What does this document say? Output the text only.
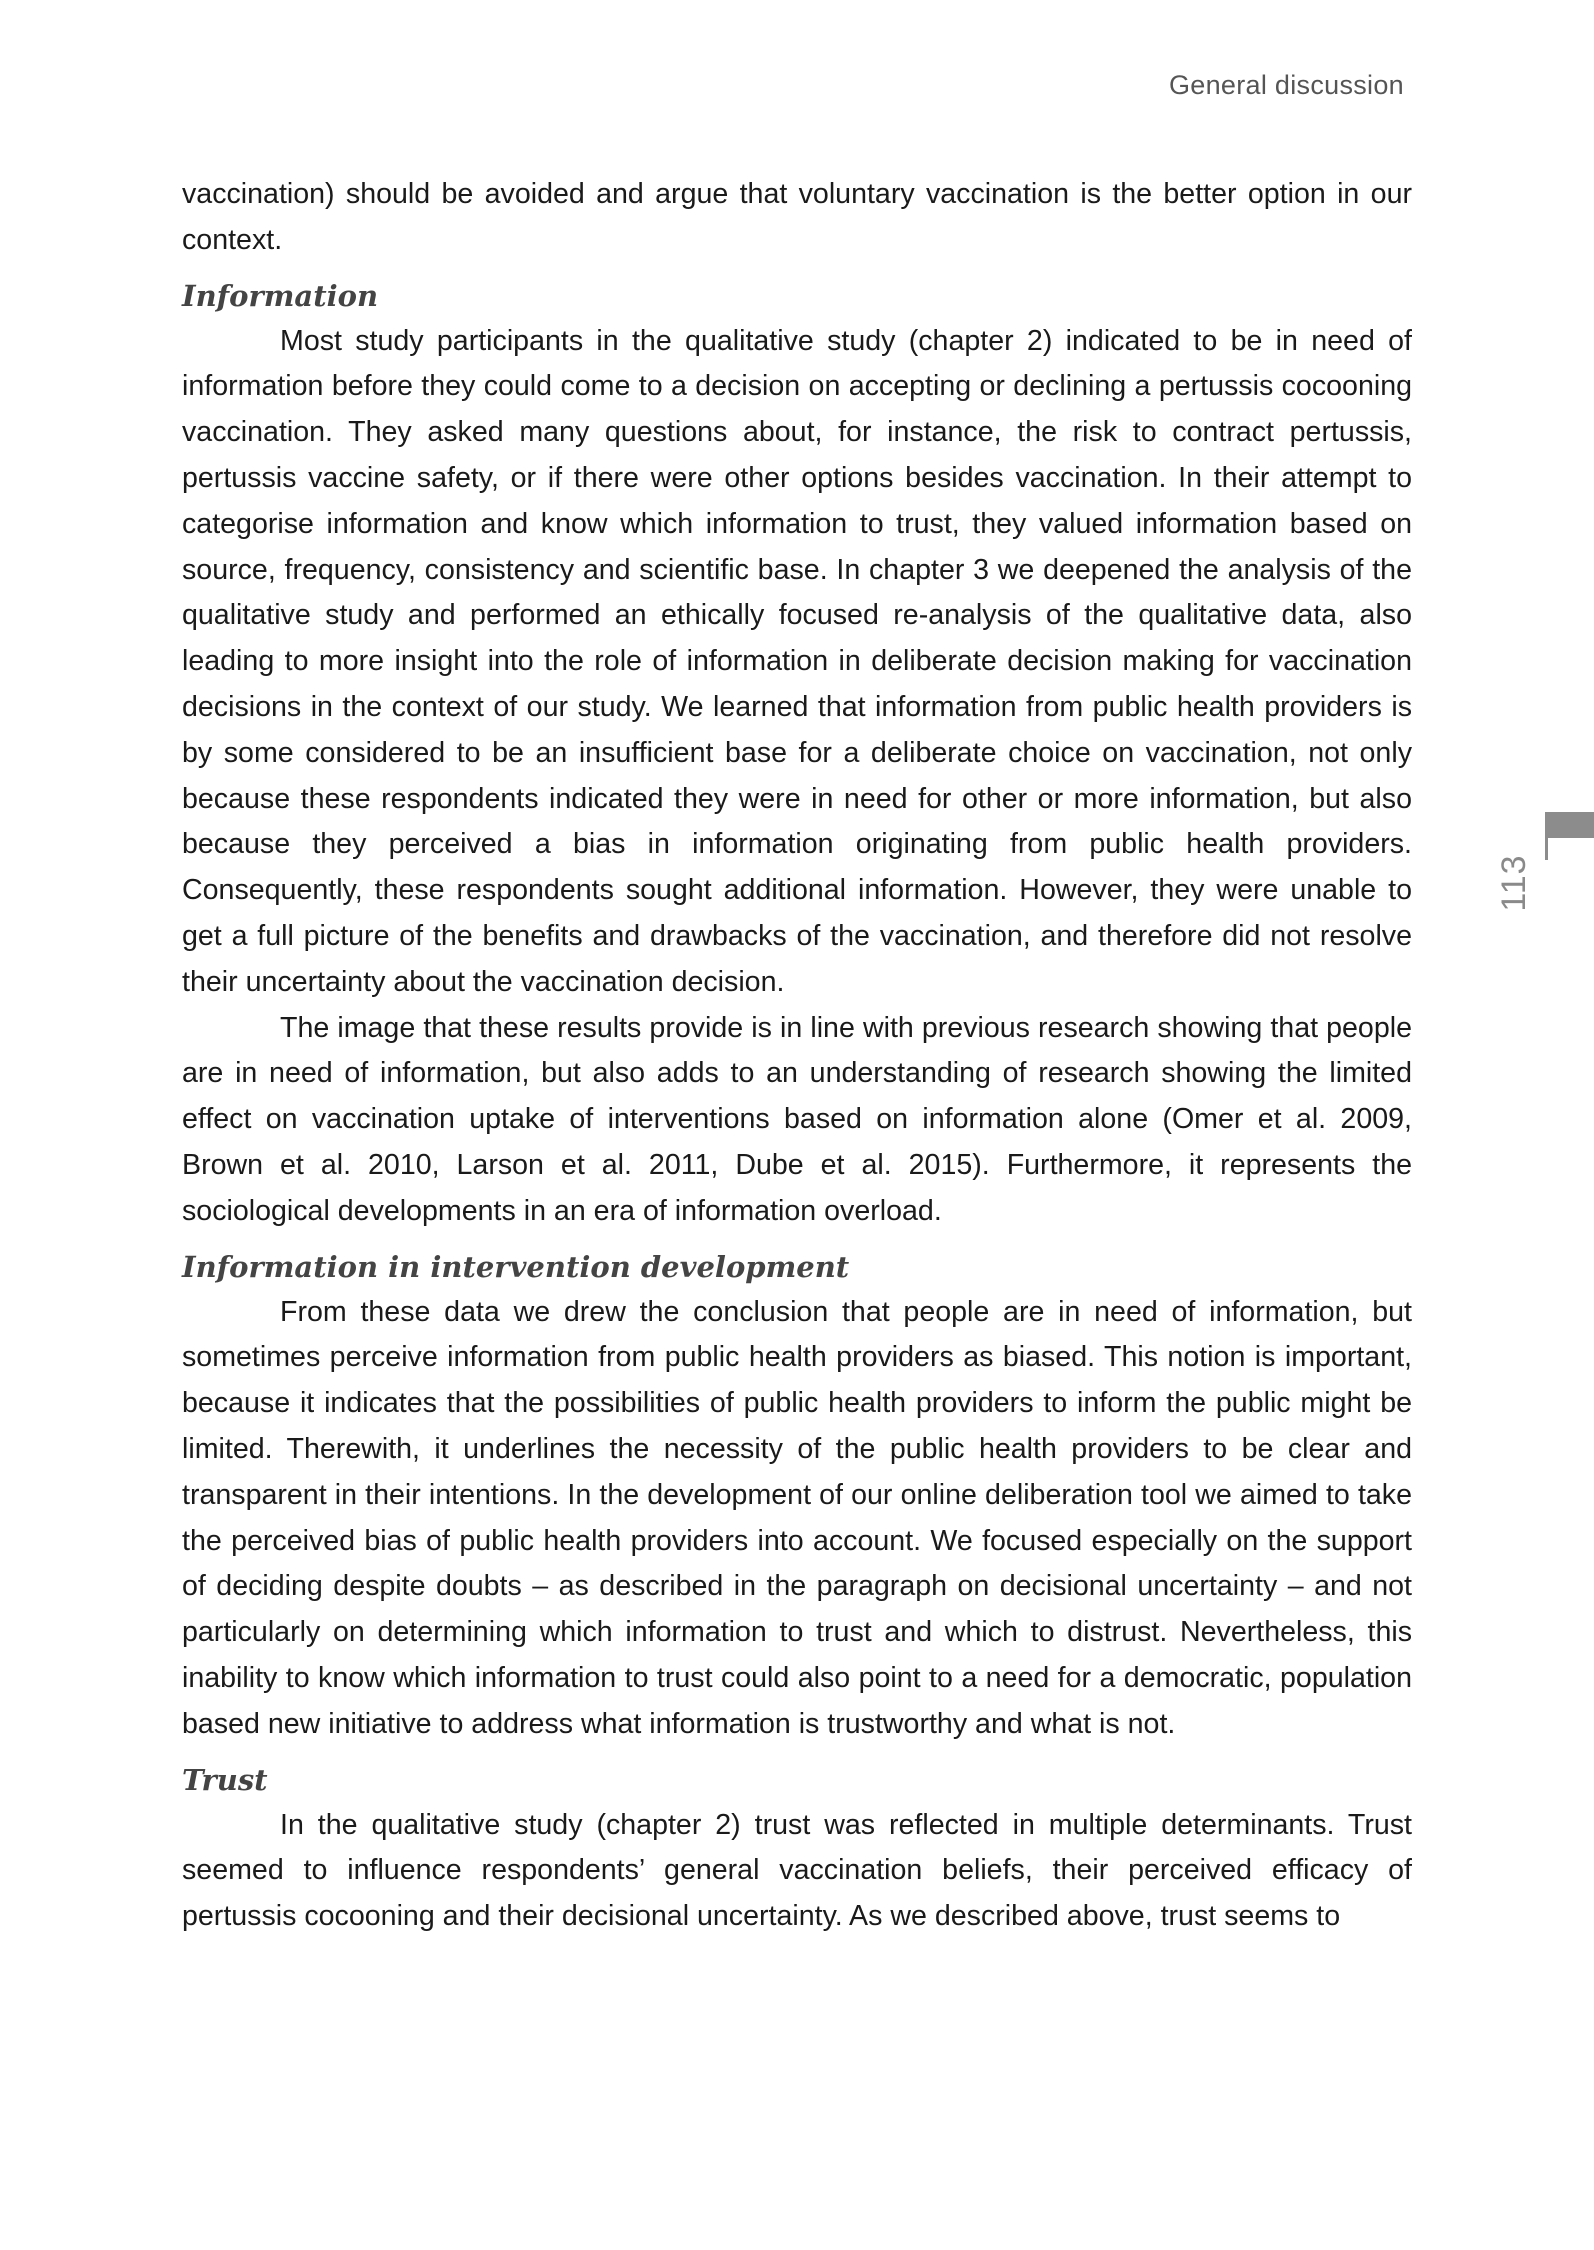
General discussion
113

vaccination) should be avoided and argue that voluntary vaccination is the better option in our context.

Information

Most study participants in the qualitative study (chapter 2) indicated to be in need of information before they could come to a decision on accepting or declining a pertussis cocooning vaccination. They asked many questions about, for instance, the risk to contract pertussis, pertussis vaccine safety, or if there were other options besides vaccination. In their attempt to categorise information and know which information to trust, they valued information based on source, frequency, consistency and scientific base. In chapter 3 we deepened the analysis of the qualitative study and performed an ethically focused re-analysis of the qualitative data, also leading to more insight into the role of information in deliberate decision making for vaccination decisions in the context of our study. We learned that information from public health providers is by some considered to be an insufficient base for a deliberate choice on vaccination, not only because these respondents indicated they were in need for other or more information, but also because they perceived a bias in information originating from public health providers. Consequently, these respondents sought additional information. However, they were unable to get a full picture of the benefits and drawbacks of the vaccination, and therefore did not resolve their uncertainty about the vaccination decision.

The image that these results provide is in line with previous research showing that people are in need of information, but also adds to an understanding of research showing the limited effect on vaccination uptake of interventions based on information alone (Omer et al. 2009, Brown et al. 2010, Larson et al. 2011, Dube et al. 2015). Furthermore, it represents the sociological developments in an era of information overload.

Information in intervention development

From these data we drew the conclusion that people are in need of information, but sometimes perceive information from public health providers as biased. This notion is important, because it indicates that the possibilities of public health providers to inform the public might be limited. Therewith, it underlines the necessity of the public health providers to be clear and transparent in their intentions. In the development of our online deliberation tool we aimed to take the perceived bias of public health providers into account. We focused especially on the support of deciding despite doubts – as described in the paragraph on decisional uncertainty – and not particularly on determining which information to trust and which to distrust. Nevertheless, this inability to know which information to trust could also point to a need for a democratic, population based new initiative to address what information is trustworthy and what is not.

Trust

In the qualitative study (chapter 2) trust was reflected in multiple determinants. Trust seemed to influence respondents’ general vaccination beliefs, their perceived efficacy of pertussis cocooning and their decisional uncertainty. As we described above, trust seems to
